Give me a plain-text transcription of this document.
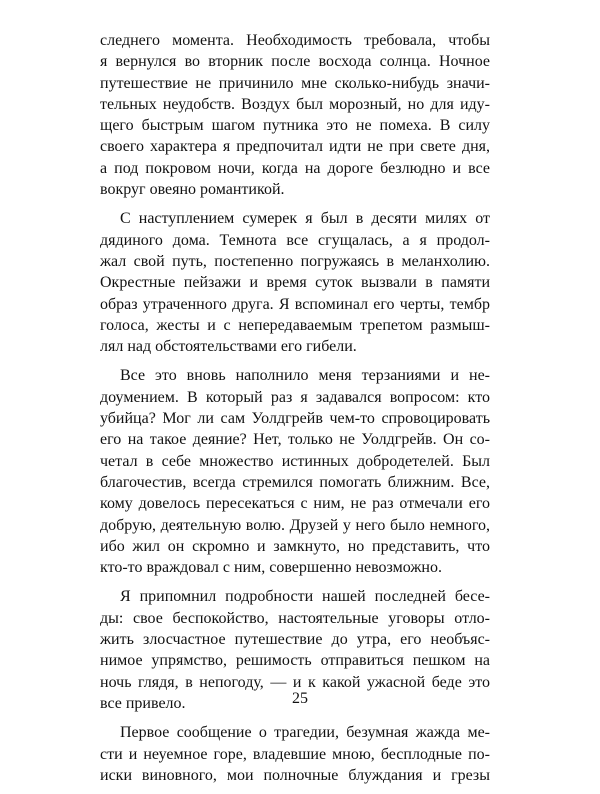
следнего момента. Необходимость требовала, чтобы
я вернулся во вторник после восхода солнца. Ночное
путешествие не причинило мне сколько-нибудь значи-
тельных неудобств. Воздух был морозный, но для иду-
щего быстрым шагом путника это не помеха. В силу
своего характера я предпочитал идти не при свете дня,
а под покровом ночи, когда на дороге безлюдно и все
вокруг овеяно романтикой.
С наступлением сумерек я был в десяти милях от
дядиного дома. Темнота все сгущалась, а я продол-
жал свой путь, постепенно погружаясь в меланхолию.
Окрестные пейзажи и время суток вызвали в памяти
образ утраченного друга. Я вспоминал его черты, тембр
голоса, жесты и с непередаваемым трепетом размыш-
лял над обстоятельствами его гибели.
Все это вновь наполнило меня терзаниями и не-
доумением. В который раз я задавался вопросом: кто
убийца? Мог ли сам Уолдгрейв чем-то спровоцировать
его на такое деяние? Нет, только не Уолдгрейв. Он со-
четал в себе множество истинных добродетелей. Был
благочестив, всегда стремился помогать ближним. Все,
кому довелось пересекаться с ним, не раз отмечали его
добрую, деятельную волю. Друзей у него было немного,
ибо жил он скромно и замкнуто, но представить, что
кто-то враждовал с ним, совершенно невозможно.
Я припомнил подробности нашей последней бесе-
ды: свое беспокойство, настоятельные уговоры отло-
жить злосчастное путешествие до утра, его необъяс-
нимое упрямство, решимость отправиться пешком на
ночь глядя, в непогоду, — и к какой ужасной беде это
все привело.
Первое сообщение о трагедии, безумная жажда ме-
сти и неуемное горе, владевшие мною, бесплодные по-
иски виновного, мои полночные блуждания и грезы
25
